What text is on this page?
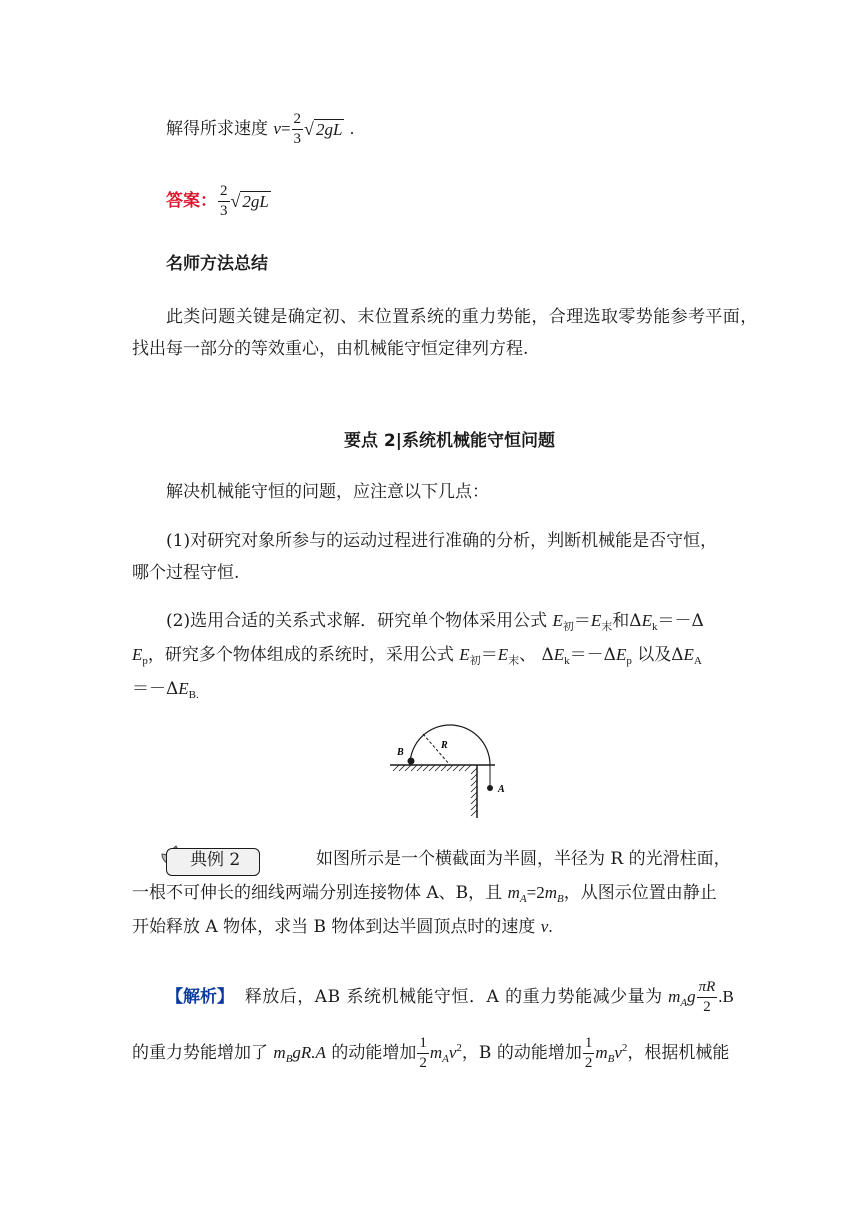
解得所求速度 $v= \frac{2}{3}$ √ 2gL .
答案： $\frac{2}{3}$ √ 2gL
名师方法总结
此类问题关键是确定初、末位置系统的重力势能，合理选取零势能参考平面，
找出每一部分的等效重心，由机械能守恒定律列方程.
要点 2|系统机械能守恒问题
解决机械能守恒的问题，应注意以下几点：
(1)对研究对象所参与的运动过程进行准确的分析，判断机械能是否守恒，
哪个过程守恒.
(2)选用合适的关系式求解．研究单个物体采用公式 $E_初=E_末$和$\Delta E_k=-\Delta$
$E_p$，研究多个物体组成的系统时，采用公式 $E_初=E_末$、 $\Delta E_k=-\Delta E_p$ 以及$\Delta E_A$
$=-\Delta E_{B.}$
B
R
A
典例 2	如图所示是一个横截面为半圆，半径为 R 的光滑柱面，
一根不可伸长的细线两端分别连接物体 A、B，且 $m_A=2m_B$，从图示位置由静止
开始释放 A 物体，求当 B 物体到达半圆顶点时的速度 v.
【解析】 释放后，AB 系统机械能守恒．A 的重力势能减少量为 $m_Ag \frac{\pi R}{2} .B$
的重力势能增加了 $m_BgR.A$ 的动能增加 $\frac{1}{2} m_Av^2$，B 的动能增加 $\frac{1}{2} m_Bv^2$，根据机械能
